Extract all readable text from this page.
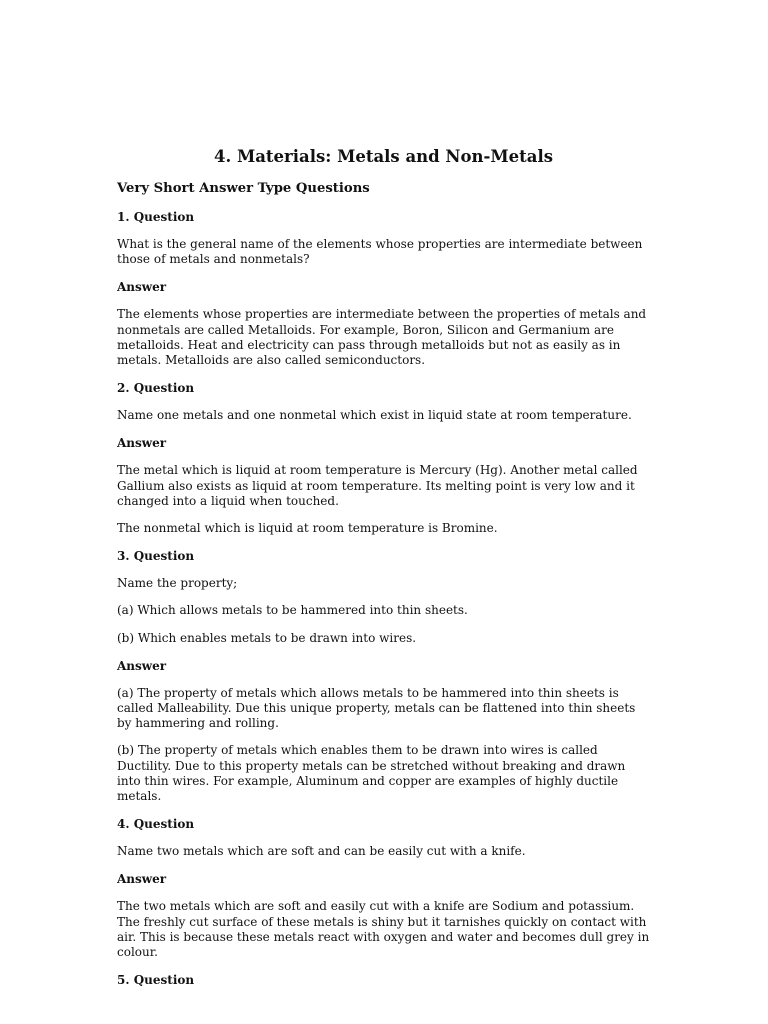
4. Materials: Metals and Non-Metals
Very Short Answer Type Questions
1. Question

What is the general name of the elements whose properties are intermediate between those of metals and nonmetals?

Answer

The elements whose properties are intermediate between the properties of metals and nonmetals are called Metalloids. For example, Boron, Silicon and Germanium are metalloids. Heat and electricity can pass through metalloids but not as easily as in metals. Metalloids are also called semiconductors.

2. Question

Name one metals and one nonmetal which exist in liquid state at room temperature.

Answer

The metal which is liquid at room temperature is Mercury (Hg). Another metal called Gallium also exists as liquid at room temperature. Its melting point is very low and it changed into a liquid when touched.

The nonmetal which is liquid at room temperature is Bromine.

3. Question

Name the property;

(a) Which allows metals to be hammered into thin sheets.

(b) Which enables metals to be drawn into wires.

Answer

(a) The property of metals which allows metals to be hammered into thin sheets is called Malleability. Due this unique property, metals can be flattened into thin sheets by hammering and rolling.

(b) The property of metals which enables them to be drawn into wires is called Ductility. Due to this property metals can be stretched without breaking and drawn into thin wires. For example, Aluminum and copper are examples of highly ductile metals.

4. Question

Name two metals which are soft and can be easily cut with a knife.

Answer

The two metals which are soft and easily cut with a knife are Sodium and potassium. The freshly cut surface of these metals is shiny but it tarnishes quickly on contact with air. This is because these metals react with oxygen and water and becomes dull grey in colour.

5. Question
